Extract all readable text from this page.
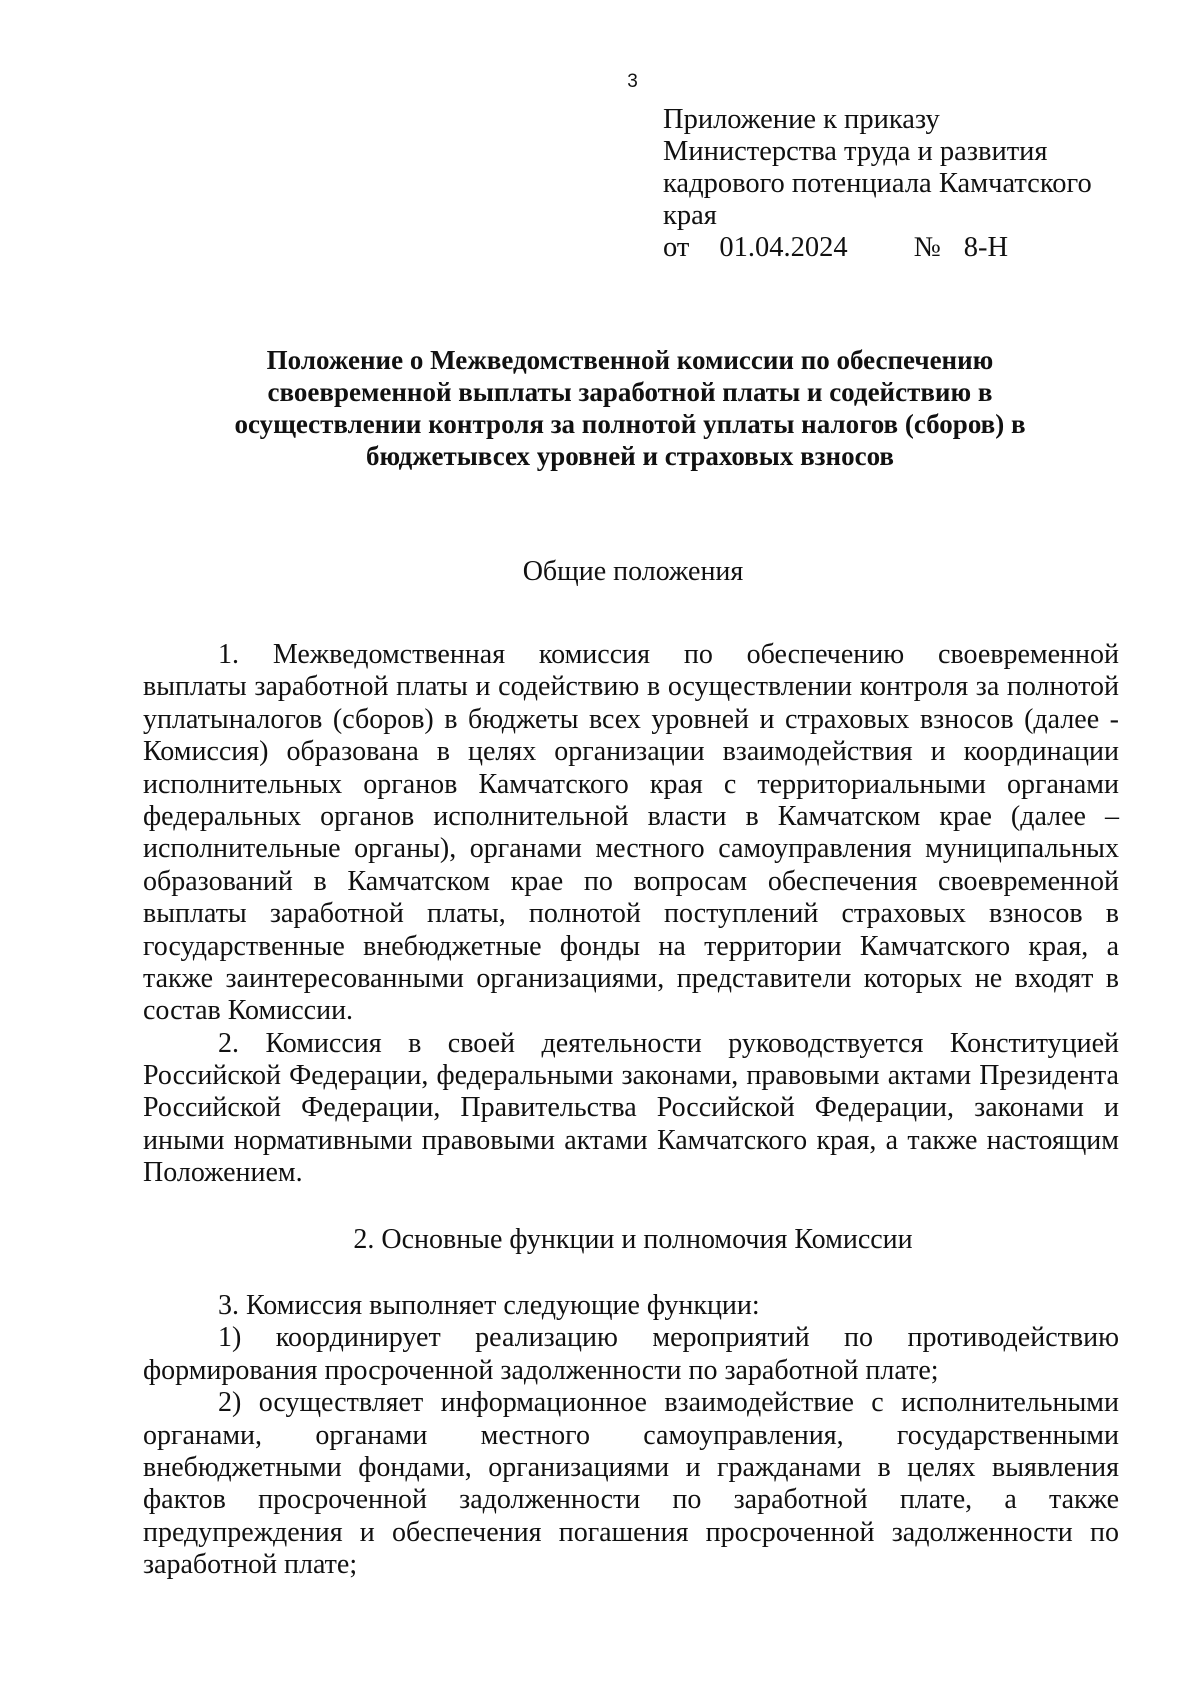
3
Приложение к приказу
Министерства труда и развития
кадрового потенциала Камчатского
края
от 01.04.2024 № 8-Н
Положение о Межведомственной комиссии по обеспечению
своевременной выплаты заработной платы и содействию в
осуществлении контроля за полнотой уплаты налогов (сборов) в
бюджетывсех уровней и страховых взносов
Общие положения
1. Межведомственная комиссия по обеспечению своевременной
выплаты заработной платы и содействию в осуществлении контроля за полнотой
уплатыналогов (сборов) в бюджеты всех уровней и страховых взносов (далее -
Комиссия) образована в целях организации взаимодействия и координации
исполнительных органов Камчатского края с территориальными органами
федеральных органов исполнительной власти в Камчатском крае (далее –
исполнительные органы), органами местного самоуправления муниципальных
образований в Камчатском крае по вопросам обеспечения своевременной
выплаты заработной платы, полнотой поступлений страховых взносов в
государственные внебюджетные фонды на территории Камчатского края, а
также заинтересованными организациями, представители которых не входят в
состав Комиссии.
2. Комиссия в своей деятельности руководствуется Конституцией
Российской Федерации, федеральными законами, правовыми актами Президента
Российской Федерации, Правительства Российской Федерации, законами и
иными нормативными правовыми актами Камчатского края, а также настоящим
Положением.
2. Основные функции и полномочия Комиссии
3. Комиссия выполняет следующие функции:
1) координирует реализацию мероприятий по противодействию
формирования просроченной задолженности по заработной плате;
2) осуществляет информационное взаимодействие с исполнительными
органами, органами местного самоуправления, государственными
внебюджетными фондами, организациями и гражданами в целях выявления
фактов просроченной задолженности по заработной плате, а также
предупреждения и обеспечения погашения просроченной задолженности по
заработной плате;
